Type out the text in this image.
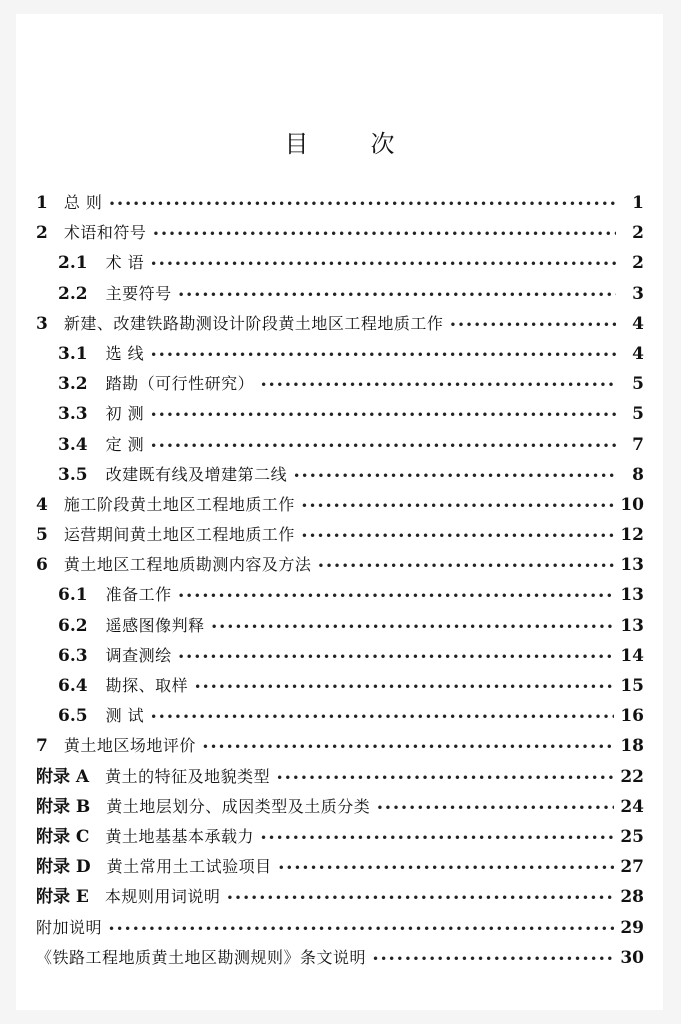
目	次
1 总 则 •••••	1
2 术语和符号 •••••	2
2.1 术 语 •••••	2
2.2 主要符号 •••••	3
3 新建、改建铁路勘测设计阶段黄土地区工程地质工作 •••••	4
3.1 选 线 •••••	4
3.2 踏勘（可行性研究） •••••	5
3.3 初 测 •••••	5
3.4 定 测 •••••	7
3.5 改建既有线及增建第二线 •••••	8
4 施工阶段黄土地区工程地质工作 •••••	10
5 运营期间黄土地区工程地质工作 •••••	12
6 黄土地区工程地质勘测内容及方法 •••••	13
6.1 准备工作 •••••	13
6.2 遥感图像判释 •••••	13
6.3 调查测绘 •••••	14
6.4 勘探、取样 •••••	15
6.5 测 试 •••••	16
7 黄土地区场地评价 •••••	18
附录 A 黄土的特征及地貌类型 •••••	22
附录 B 黄土地层划分、成因类型及土质分类 •••••	24
附录 C 黄土地基基本承载力 •••••	25
附录 D 黄土常用土工试验项目 •••••	27
附录 E 本规则用词说明 •••••	28
附加说明 •••••	29
《铁路工程地质黄土地区勘测规则》条文说明 •••••	30
